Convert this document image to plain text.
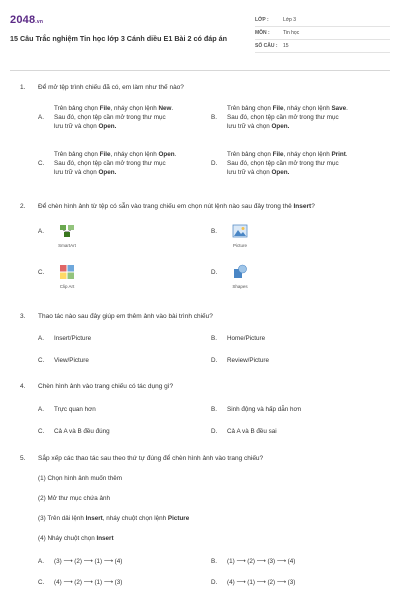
2048.vn
15 Câu Trắc nghiệm Tin học lớp 3 Cánh diều E1 Bài 2 có đáp án
LỚP :	Lớp 3
MÔN :	Tin học
SỐ CÂU :	15
1.	Để mở tệp trình chiếu đã có, em làm như thế nào?
A.
Trên bảng chọn File, nháy chọn lệnh New.
Sau đó, chọn tệp cần mở trong thư mục
lưu trữ và chọn Open.
B.
Trên bảng chọn File, nháy chọn lệnh Save.
Sau đó, chọn tệp cần mở trong thư mục
lưu trữ và chọn Open.
C.
Trên bảng chọn File, nháy chọn lệnh Open.
Sau đó, chọn tệp cần mở trong thư mục
lưu trữ và chọn Open.
D.
Trên bảng chọn File, nháy chọn lệnh Print.
Sau đó, chọn tệp cần mở trong thư mục
lưu trữ và chọn Open.
2.	Để chèn hình ảnh từ tệp có sẵn vào trang chiếu em chọn nút lệnh nào sau đây trong thẻ Insert?
A.
SmartArt
B.
Picture
C.
Clip Art
D.
Shapes
3.	Thao tác nào sau đây giúp em thêm ảnh vào bài trình chiếu?
A.	Insert/Picture	B.	Home/Picture
C.	View/Picture	D.	Review/Picture
4.	Chèn hình ảnh vào trang chiếu có tác dụng gì?
A.	Trực quan hơn	B.	Sinh động và hấp dẫn hơn
C.	Cả A và B đều đúng	D.	Cả A và B đều sai
5.	Sắp xếp các thao tác sau theo thứ tự đúng để chèn hình ảnh vào trang chiếu?
(1) Chọn hình ảnh muốn thêm
(2) Mở thư mục chứa ảnh
(3) Trên dải lệnh Insert, nháy chuột chọn lệnh Picture
(4) Nháy chuột chọn Insert
A.	(3) ⟶ (2) ⟶ (1) ⟶ (4)	B.	(1) ⟶ (2) ⟶ (3) ⟶ (4)
C.	(4) ⟶ (2) ⟶ (1) ⟶ (3)	D.	(4) ⟶ (1) ⟶ (2) ⟶ (3)
